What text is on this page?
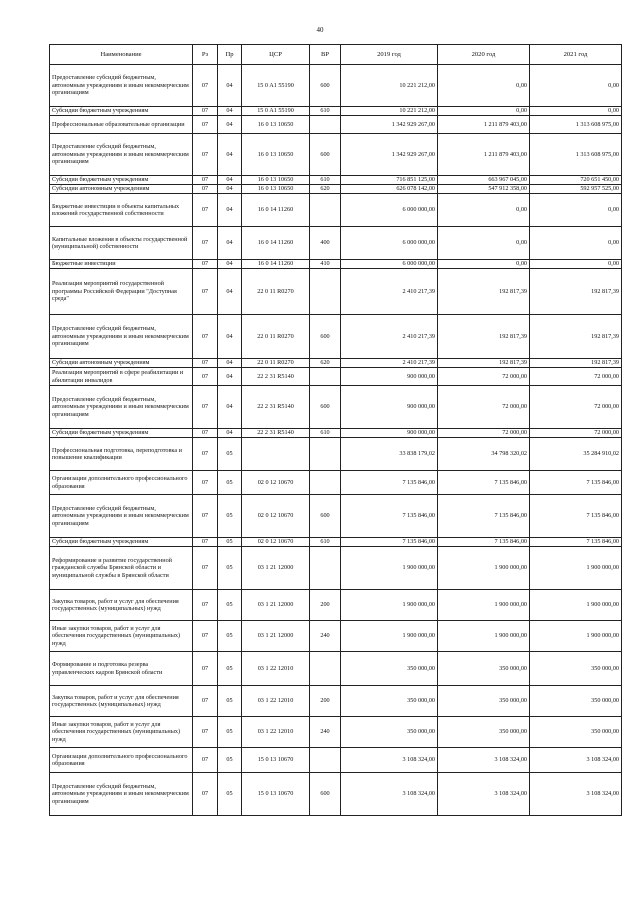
40
Наименование	Рз	Пр	ЦСР	ВР	2019 год	2020 год	2021 год
Предоставление субсидий бюджетным, автономным учреждениям и иным некоммерческим организациям	07	04	15 0 A1 55190	600	10 221 212,00	0,00	0,00
Субсидии бюджетным учреждениям	07	04	15 0 A1 55190	610	10 221 212,00	0,00	0,00
Профессиональные образовательные организации	07	04	16 0 13 10650		1 342 929 267,00	1 211 879 403,00	1 313 608 975,00
Предоставление субсидий бюджетным, автономным учреждениям и иным некоммерческим организациям	07	04	16 0 13 10650	600	1 342 929 267,00	1 211 879 403,00	1 313 608 975,00
Субсидии бюджетным учреждениям	07	04	16 0 13 10650	610	716 851 125,00	663 967 045,00	720 651 450,00
Субсидии автономным учреждениям	07	04	16 0 13 10650	620	626 078 142,00	547 912 358,00	592 957 525,00
Бюджетные инвестиции в объекты капитальных вложений государственной собственности	07	04	16 0 14 11260		6 000 000,00	0,00	0,00
Капитальные вложения в объекты государственной (муниципальной) собственности	07	04	16 0 14 11260	400	6 000 000,00	0,00	0,00
Бюджетные инвестиции	07	04	16 0 14 11260	410	6 000 000,00	0,00	0,00
Реализация мероприятий государственной программы Российской Федерации "Доступная среда"	07	04	22 0 11 R0270		2 410 217,39	192 817,39	192 817,39
Предоставление субсидий бюджетным, автономным учреждениям и иным некоммерческим организациям	07	04	22 0 11 R0270	600	2 410 217,39	192 817,39	192 817,39
Субсидии автономным учреждениям	07	04	22 0 11 R0270	620	2 410 217,39	192 817,39	192 817,39
Реализация мероприятий в сфере реабилитации и абилитации инвалидов	07	04	22 2 31 R5140		900 000,00	72 000,00	72 000,00
Предоставление субсидий бюджетным, автономным учреждениям и иным некоммерческим организациям	07	04	22 2 31 R5140	600	900 000,00	72 000,00	72 000,00
Субсидии бюджетным учреждениям	07	04	22 2 31 R5140	610	900 000,00	72 000,00	72 000,00
Профессиональная подготовка, переподготовка и повышение квалификации	07	05			33 838 179,02	34 798 320,02	35 284 910,02
Организации дополнительного профессионального образования	07	05	02 0 12 10670		7 135 846,00	7 135 846,00	7 135 846,00
Предоставление субсидий бюджетным, автономным учреждениям и иным некоммерческим организациям	07	05	02 0 12 10670	600	7 135 846,00	7 135 846,00	7 135 846,00
Субсидии бюджетным учреждениям	07	05	02 0 12 10670	610	7 135 846,00	7 135 846,00	7 135 846,00
Реформирование и развитие государственной гражданской службы Брянской области и муниципальной службы в Брянской области	07	05	03 1 21 12000		1 900 000,00	1 900 000,00	1 900 000,00
Закупка товаров, работ и услуг для обеспечения государственных (муниципальных) нужд	07	05	03 1 21 12000	200	1 900 000,00	1 900 000,00	1 900 000,00
Иные закупки товаров, работ и услуг для обеспечения государственных (муниципальных) нужд	07	05	03 1 21 12000	240	1 900 000,00	1 900 000,00	1 900 000,00
Формирование и подготовка резерва управленческих кадров Брянской области	07	05	03 1 22 12010		350 000,00	350 000,00	350 000,00
Закупка товаров, работ и услуг для обеспечения государственных (муниципальных) нужд	07	05	03 1 22 12010	200	350 000,00	350 000,00	350 000,00
Иные закупки товаров, работ и услуг для обеспечения государственных (муниципальных) нужд	07	05	03 1 22 12010	240	350 000,00	350 000,00	350 000,00
Организации дополнительного профессионального образования	07	05	15 0 13 10670		3 108 324,00	3 108 324,00	3 108 324,00
Предоставление субсидий бюджетным, автономным учреждениям и иным некоммерческим организациям	07	05	15 0 13 10670	600	3 108 324,00	3 108 324,00	3 108 324,00
